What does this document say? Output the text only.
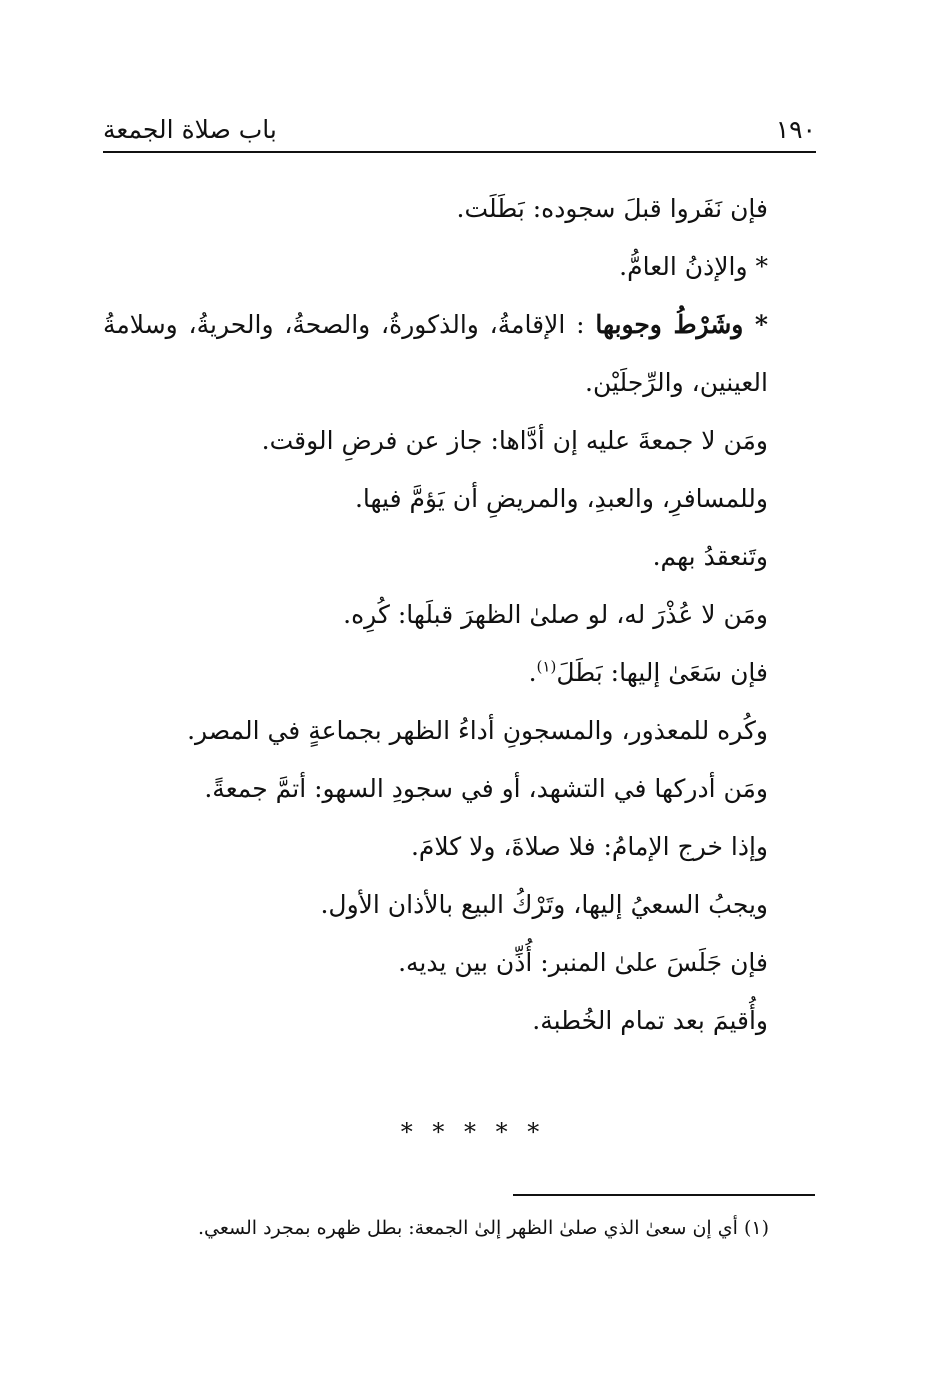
١٩٠
باب صلاة الجمعة
فإن نَفَروا قبلَ سجوده: بَطَلَت.
* والإذنُ العامُّ.
* وشَرْطُ وجوبها : الإقامةُ، والذكورةُ، والصحةُ، والحريةُ، وسلامةُ العينين، والرِّجلَيْن.
ومَن لا جمعةَ عليه إن أدَّاها: جاز عن فرضِ الوقت.
وللمسافرِ، والعبدِ، والمريضِ أن يَؤمَّ فيها.
وتَنعقدُ بهم.
ومَن لا عُذْرَ له، لو صلىٰ الظهرَ قبلَها: كُرِه.
فإن سَعَىٰ إليها: بَطَلَ$^{(١)}$.
وكُره للمعذور، والمسجونِ أداءُ الظهر بجماعةٍ في المصر.
ومَن أدركها في التشهد، أو في سجودِ السهو: أتمَّ جمعةً.
وإذا خرج الإمامُ: فلا صلاةَ، ولا كلامَ.
ويجبُ السعيُ إليها، وتَرْكُ البيع بالأذان الأول.
فإن جَلَسَ علىٰ المنبر: أُذِّن بين يديه.
وأُقيمَ بعد تمام الخُطبة.
* * * * *
(١) أي إن سعىٰ الذي صلىٰ الظهر إلىٰ الجمعة: بطل ظهره بمجرد السعي.
